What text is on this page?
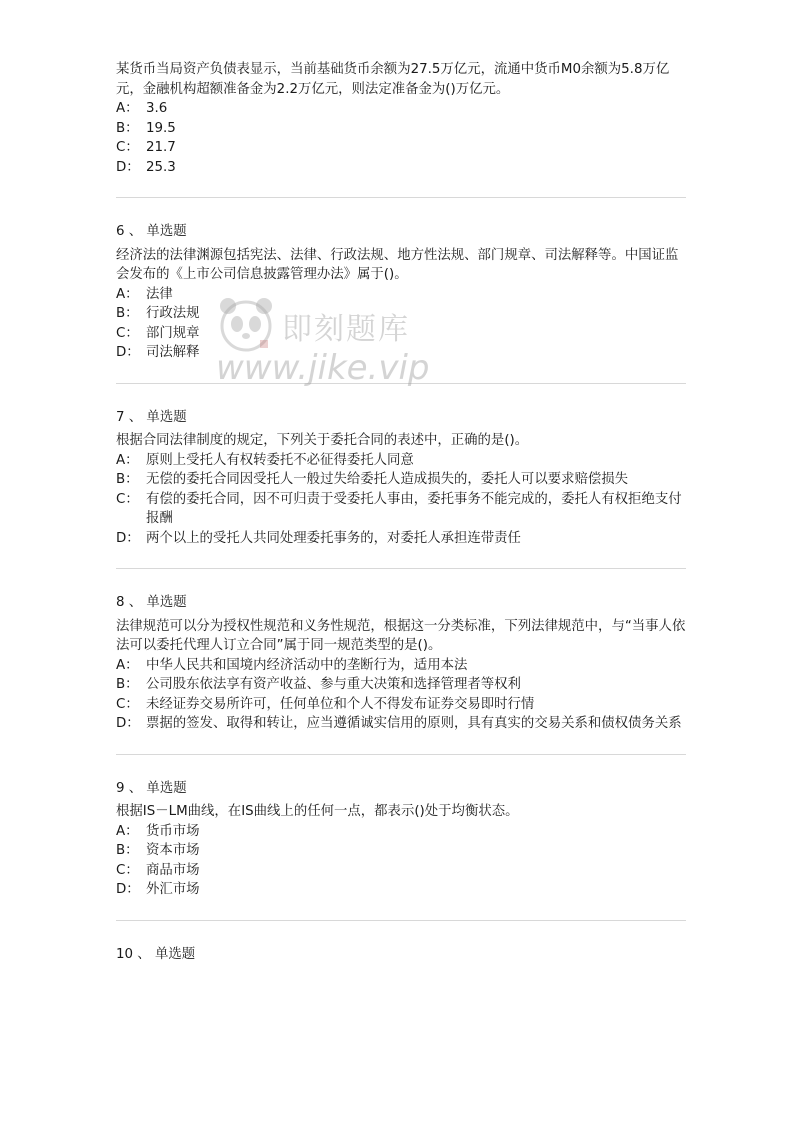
某货币当局资产负债表显示，当前基础货币余额为27.5万亿元，流通中货币M0余额为5.8万亿元，金融机构超额准备金为2.2万亿元，则法定准备金为()万亿元。
A： 3.6
B： 19.5
C： 21.7
D： 25.3
6 、 单选题
经济法的法律渊源包括宪法、法律、行政法规、地方性法规、部门规章、司法解释等。中国证监会发布的《上市公司信息披露管理办法》属于()。
A： 法律
B： 行政法规
C： 部门规章
D： 司法解释
7 、 单选题
根据合同法律制度的规定，下列关于委托合同的表述中，正确的是()。
A： 原则上受托人有权转委托不必征得委托人同意
B： 无偿的委托合同因受托人一般过失给委托人造成损失的，委托人可以要求赔偿损失
C： 有偿的委托合同，因不可归责于受委托人事由，委托事务不能完成的，委托人有权拒绝支付报酬
D： 两个以上的受托人共同处理委托事务的，对委托人承担连带责任
8 、 单选题
法律规范可以分为授权性规范和义务性规范，根据这一分类标准，下列法律规范中，与“当事人依法可以委托代理人订立合同”属于同一规范类型的是()。
A： 中华人民共和国境内经济活动中的垄断行为，适用本法
B： 公司股东依法享有资产收益、参与重大决策和选择管理者等权利
C： 未经证券交易所许可，任何单位和个人不得发布证券交易即时行情
D： 票据的签发、取得和转让，应当遵循诚实信用的原则，具有真实的交易关系和债权债务关系
9 、 单选题
根据IS－LM曲线，在IS曲线上的任何一点，都表示()处于均衡状态。
A： 货币市场
B： 资本市场
C： 商品市场
D： 外汇市场
10 、 单选题
即刻题库
www.jike.vip
